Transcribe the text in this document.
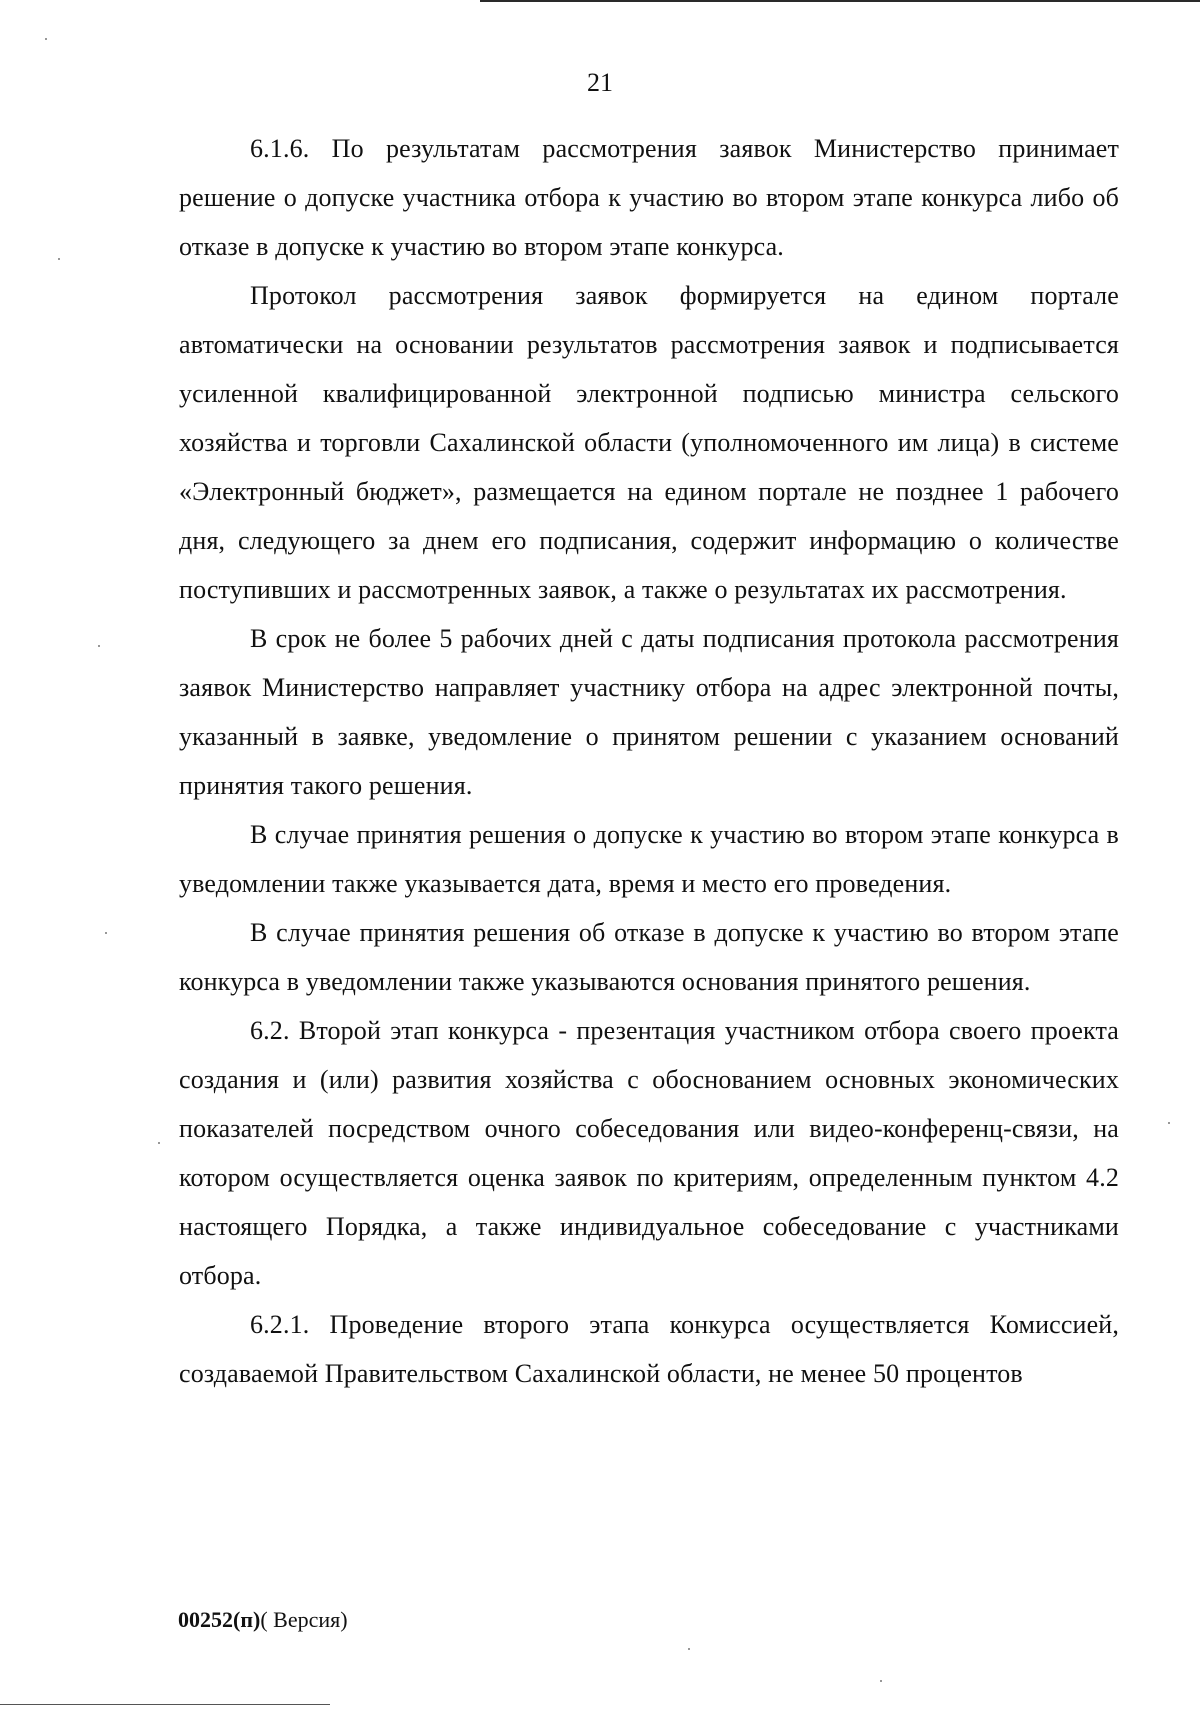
21

6.1.6. По результатам рассмотрения заявок Министерство принимает решение о допуске участника отбора к участию во втором этапе конкурса либо об отказе в допуске к участию во втором этапе конкурса.

Протокол рассмотрения заявок формируется на едином портале автоматически на основании результатов рассмотрения заявок и подписывается усиленной квалифицированной электронной подписью министра сельского хозяйства и торговли Сахалинской области (уполномоченного им лица) в системе «Электронный бюджет», размещается на едином портале не позднее 1 рабочего дня, следующего за днем его подписания, содержит информацию о количестве поступивших и рассмотренных заявок, а также о результатах их рассмотрения.

В срок не более 5 рабочих дней с даты подписания протокола рассмотрения заявок Министерство направляет участнику отбора на адрес электронной почты, указанный в заявке, уведомление о принятом решении с указанием оснований принятия такого решения.

В случае принятия решения о допуске к участию во втором этапе конкурса в уведомлении также указывается дата, время и место его проведения.

В случае принятия решения об отказе в допуске к участию во втором этапе конкурса в уведомлении также указываются основания принятого решения.

6.2. Второй этап конкурса - презентация участником отбора своего проекта создания и (или) развития хозяйства с обоснованием основных экономических показателей посредством очного собеседования или видео-конференц-связи, на котором осуществляется оценка заявок по критериям, определенным пунктом 4.2 настоящего Порядка, а также индивидуальное собеседование с участниками отбора.

6.2.1. Проведение второго этапа конкурса осуществляется Комиссией, создаваемой Правительством Сахалинской области, не менее 50 процентов

00252(п)( Версия)
